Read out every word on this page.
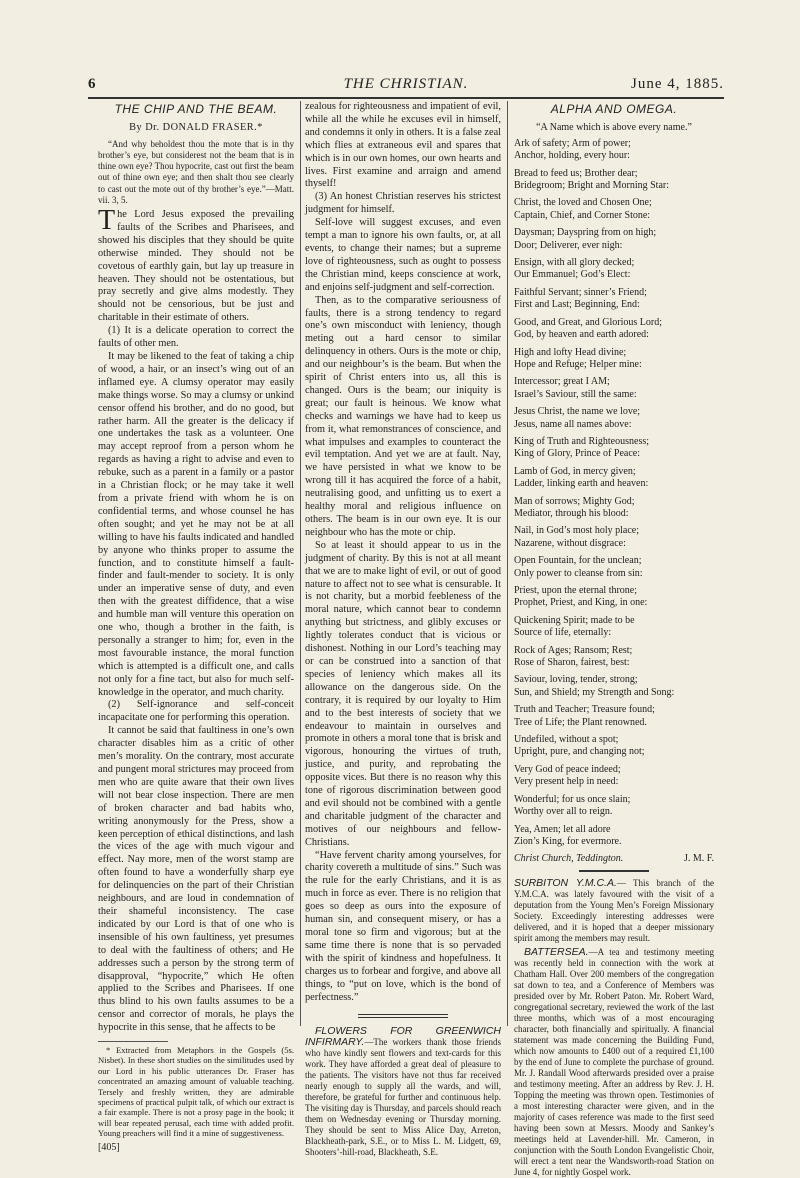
6	THE CHRISTIAN.	June 4, 1885.
THE CHIP AND THE BEAM.
By Dr. DONALD FRASER.*

“And why beholdest thou the mote that is in thy brother’s eye, but considerest not the beam that is in thine own eye? Thou hypocrite, cast out first the beam out of thine own eye; and then shalt thou see clearly to cast out the mote out of thy brother’s eye.”—Matt. vii. 3, 5.

The Lord Jesus exposed the prevailing faults of the Scribes and Pharisees, and showed his disciples that they should be quite otherwise minded. They should not be covetous of earthly gain, but lay up treasure in heaven. They should not be ostentatious, but pray secretly and give alms modestly. They should not be censorious, but be just and charitable in their estimate of others.

(1) It is a delicate operation to correct the faults of other men.

It may be likened to the feat of taking a chip of wood, a hair, or an insect’s wing out of an inflamed eye. A clumsy operator may easily make things worse. So may a clumsy or unkind censor offend his brother, and do no good, but rather harm. All the greater is the delicacy if one undertakes the task as a volunteer. One may accept reproof from a person whom he regards as having a right to advise and even to rebuke, such as a parent in a family or a pastor in a Christian flock; or he may take it well from a private friend with whom he is on confidential terms, and whose counsel he has often sought; and yet he may not be at all willing to have his faults indicated and handled by anyone who thinks proper to assume the function, and to constitute himself a fault-finder and fault-mender to society. It is only under an imperative sense of duty, and even then with the greatest diffidence, that a wise and humble man will venture this operation on one who, though a brother in the faith, is personally a stranger to him; for, even in the most favourable instance, the moral function which is attempted is a difficult one, and calls not only for a fine tact, but also for much self-knowledge in the operator, and much charity.

(2) Self-ignorance and self-conceit incapacitate one for performing this operation.

It cannot be said that faultiness in one’s own character disables him as a critic of other men’s morality. On the contrary, most accurate and pungent moral strictures may proceed from men who are quite aware that their own lives will not bear close inspection. There are men of broken character and bad habits who, writing anonymously for the Press, show a keen perception of ethical distinctions, and lash the vices of the age with much vigour and effect. Nay more, men of the worst stamp are often found to have a wonderfully sharp eye for delinquencies on the part of their Christian neighbours, and are loud in condemnation of their shameful inconsistency. The case indicated by our Lord is that of one who is insensible of his own faultiness, yet presumes to deal with the faultiness of others; and He addresses such a person by the strong term of disapproval, “hypocrite,” which He often applied to the Scribes and Pharisees. If one thus blind to his own faults assumes to be a censor and corrector of morals, he plays the hypocrite in this sense, that he affects to be

* Extracted from Metaphors in the Gospels (5s. Nisbet). In these short studies on the similitudes used by our Lord in his public utterances Dr. Fraser has concentrated an amazing amount of valuable teaching. Tersely and freshly written, they are admirable specimens of practical pulpit talk, of which our extract is a fair example. There is not a prosy page in the book; it will bear repeated perusal, each time with added profit. Young preachers will find it a mine of suggestiveness.

[405]

zealous for righteousness and impatient of evil, while all the while he excuses evil in himself, and condemns it only in others. It is a false zeal which flies at extraneous evil and spares that which is in our own homes, our own hearts and lives. First examine and arraign and amend thyself!

(3) An honest Christian reserves his strictest judgment for himself.

Self-love will suggest excuses, and even tempt a man to ignore his own faults, or, at all events, to change their names; but a supreme love of righteousness, such as ought to possess the Christian mind, keeps conscience at work, and enjoins self-judgment and self-correction.

Then, as to the comparative seriousness of faults, there is a strong tendency to regard one’s own misconduct with leniency, though meting out a hard censor to similar delinquency in others. Ours is the mote or chip, and our neighbour’s is the beam. But when the spirit of Christ enters into us, all this is changed. Ours is the beam; our iniquity is great; our fault is heinous. We know what checks and warnings we have had to keep us from it, what remonstrances of conscience, and what impulses and examples to counteract the evil temptation. And yet we are at fault. Nay, we have persisted in what we know to be wrong till it has acquired the force of a habit, neutralising good, and unfitting us to exert a healthy moral and religious influence on others. The beam is in our own eye. It is our neighbour who has the mote or chip.

So at least it should appear to us in the judgment of charity. By this is not at all meant that we are to make light of evil, or out of good nature to affect not to see what is censurable. It is not charity, but a morbid feebleness of the moral nature, which cannot bear to condemn anything but strictness, and glibly excuses or lightly tolerates conduct that is vicious or dishonest. Nothing in our Lord’s teaching may or can be construed into a sanction of that species of leniency which makes all its allowance on the dangerous side. On the contrary, it is required by our loyalty to Him and to the best interests of society that we endeavour to maintain in ourselves and promote in others a moral tone that is brisk and vigorous, honouring the virtues of truth, justice, and purity, and reprobating the opposite vices. But there is no reason why this tone of rigorous discrimination between good and evil should not be combined with a gentle and charitable judgment of the character and motives of our neighbours and fellow-Christians.

“Have fervent charity among yourselves, for charity covereth a multitude of sins.” Such was the rule for the early Christians, and it is as much in force as ever. There is no religion that goes so deep as ours into the exposure of human sin, and consequent misery, or has a moral tone so firm and vigorous; but at the same time there is none that is so pervaded with the spirit of kindness and hopefulness. It charges us to forbear and forgive, and above all things, to “put on love, which is the bond of perfectness.”

FLOWERS FOR GREENWICH INFIRMARY.—The workers thank those friends who have kindly sent flowers and text-cards for this work. They have afforded a great deal of pleasure to the patients. The visitors have not thus far received nearly enough to supply all the wards, and will, therefore, be grateful for further and continuous help. The visiting day is Thursday, and parcels should reach them on Wednesday evening or Thursday morning. They should be sent to Miss Alice Day, Arreton, Blackheath-park, S.E., or to Miss L. M. Lidgett, 69, Shooters’-hill-road, Blackheath, S.E.

ALPHA AND OMEGA.
“A Name which is above every name.”
Ark of safety; Arm of power;
Anchor, holding, every hour:
Bread to feed us; Brother dear;
Bridegroom; Bright and Morning Star:
Christ, the loved and Chosen One;
Captain, Chief, and Corner Stone:
Daysman; Dayspring from on high;
Door; Deliverer, ever nigh:
Ensign, with all glory decked;
Our Emmanuel; God’s Elect:
Faithful Servant; sinner’s Friend;
First and Last; Beginning, End:
Good, and Great, and Glorious Lord;
God, by heaven and earth adored:
High and lofty Head divine;
Hope and Refuge; Helper mine:
Intercessor; great I AM;
Israel’s Saviour, still the same:
Jesus Christ, the name we love;
Jesus, name all names above:
King of Truth and Righteousness;
King of Glory, Prince of Peace:
Lamb of God, in mercy given;
Ladder, linking earth and heaven:
Man of sorrows; Mighty God;
Mediator, through his blood:
Nail, in God’s most holy place;
Nazarene, without disgrace:
Open Fountain, for the unclean;
Only power to cleanse from sin:
Priest, upon the eternal throne;
Prophet, Priest, and King, in one:
Quickening Spirit; made to be
Source of life, eternally:
Rock of Ages; Ransom; Rest;
Rose of Sharon, fairest, best:
Saviour, loving, tender, strong;
Sun, and Shield; my Strength and Song:
Truth and Teacher; Treasure found;
Tree of Life; the Plant renowned.
Undefiled, without a spot;
Upright, pure, and changing not;
Very God of peace indeed;
Very present help in need:
Wonderful; for us once slain;
Worthy over all to reign.
Yea, Amen; let all adore
Zion’s King, for evermore.
Christ Church, Teddington.	J. M. F.

SURBITON Y.M.C.A.— This branch of the Y.M.C.A. was lately favoured with the visit of a deputation from the Young Men’s Foreign Missionary Society. Exceedingly interesting addresses were delivered, and it is hoped that a deeper missionary spirit among the members may result.

BATTERSEA.—A tea and testimony meeting was recently held in connection with the work at Chatham Hall. Over 200 members of the congregation sat down to tea, and a Conference of Members was presided over by Mr. Robert Paton. Mr. Robert Ward, congregational secretary, reviewed the work of the last three months, which was of a most encouraging character, both financially and spiritually. A financial statement was made concerning the Building Fund, which now amounts to £400 out of a required £1,100 by the end of June to complete the purchase of ground. Mr. J. Randall Wood afterwards presided over a praise and testimony meeting. After an address by Rev. J. H. Topping the meeting was thrown open. Testimonies of a most interesting character were given, and in the majority of cases reference was made to the first seed having been sown at Messrs. Moody and Sankey’s meetings held at Lavender-hill. Mr. Cameron, in conjunction with the South London Evangelistic Choir, will erect a tent near the Wandsworth-road Station on June 4, for nightly Gospel work.
